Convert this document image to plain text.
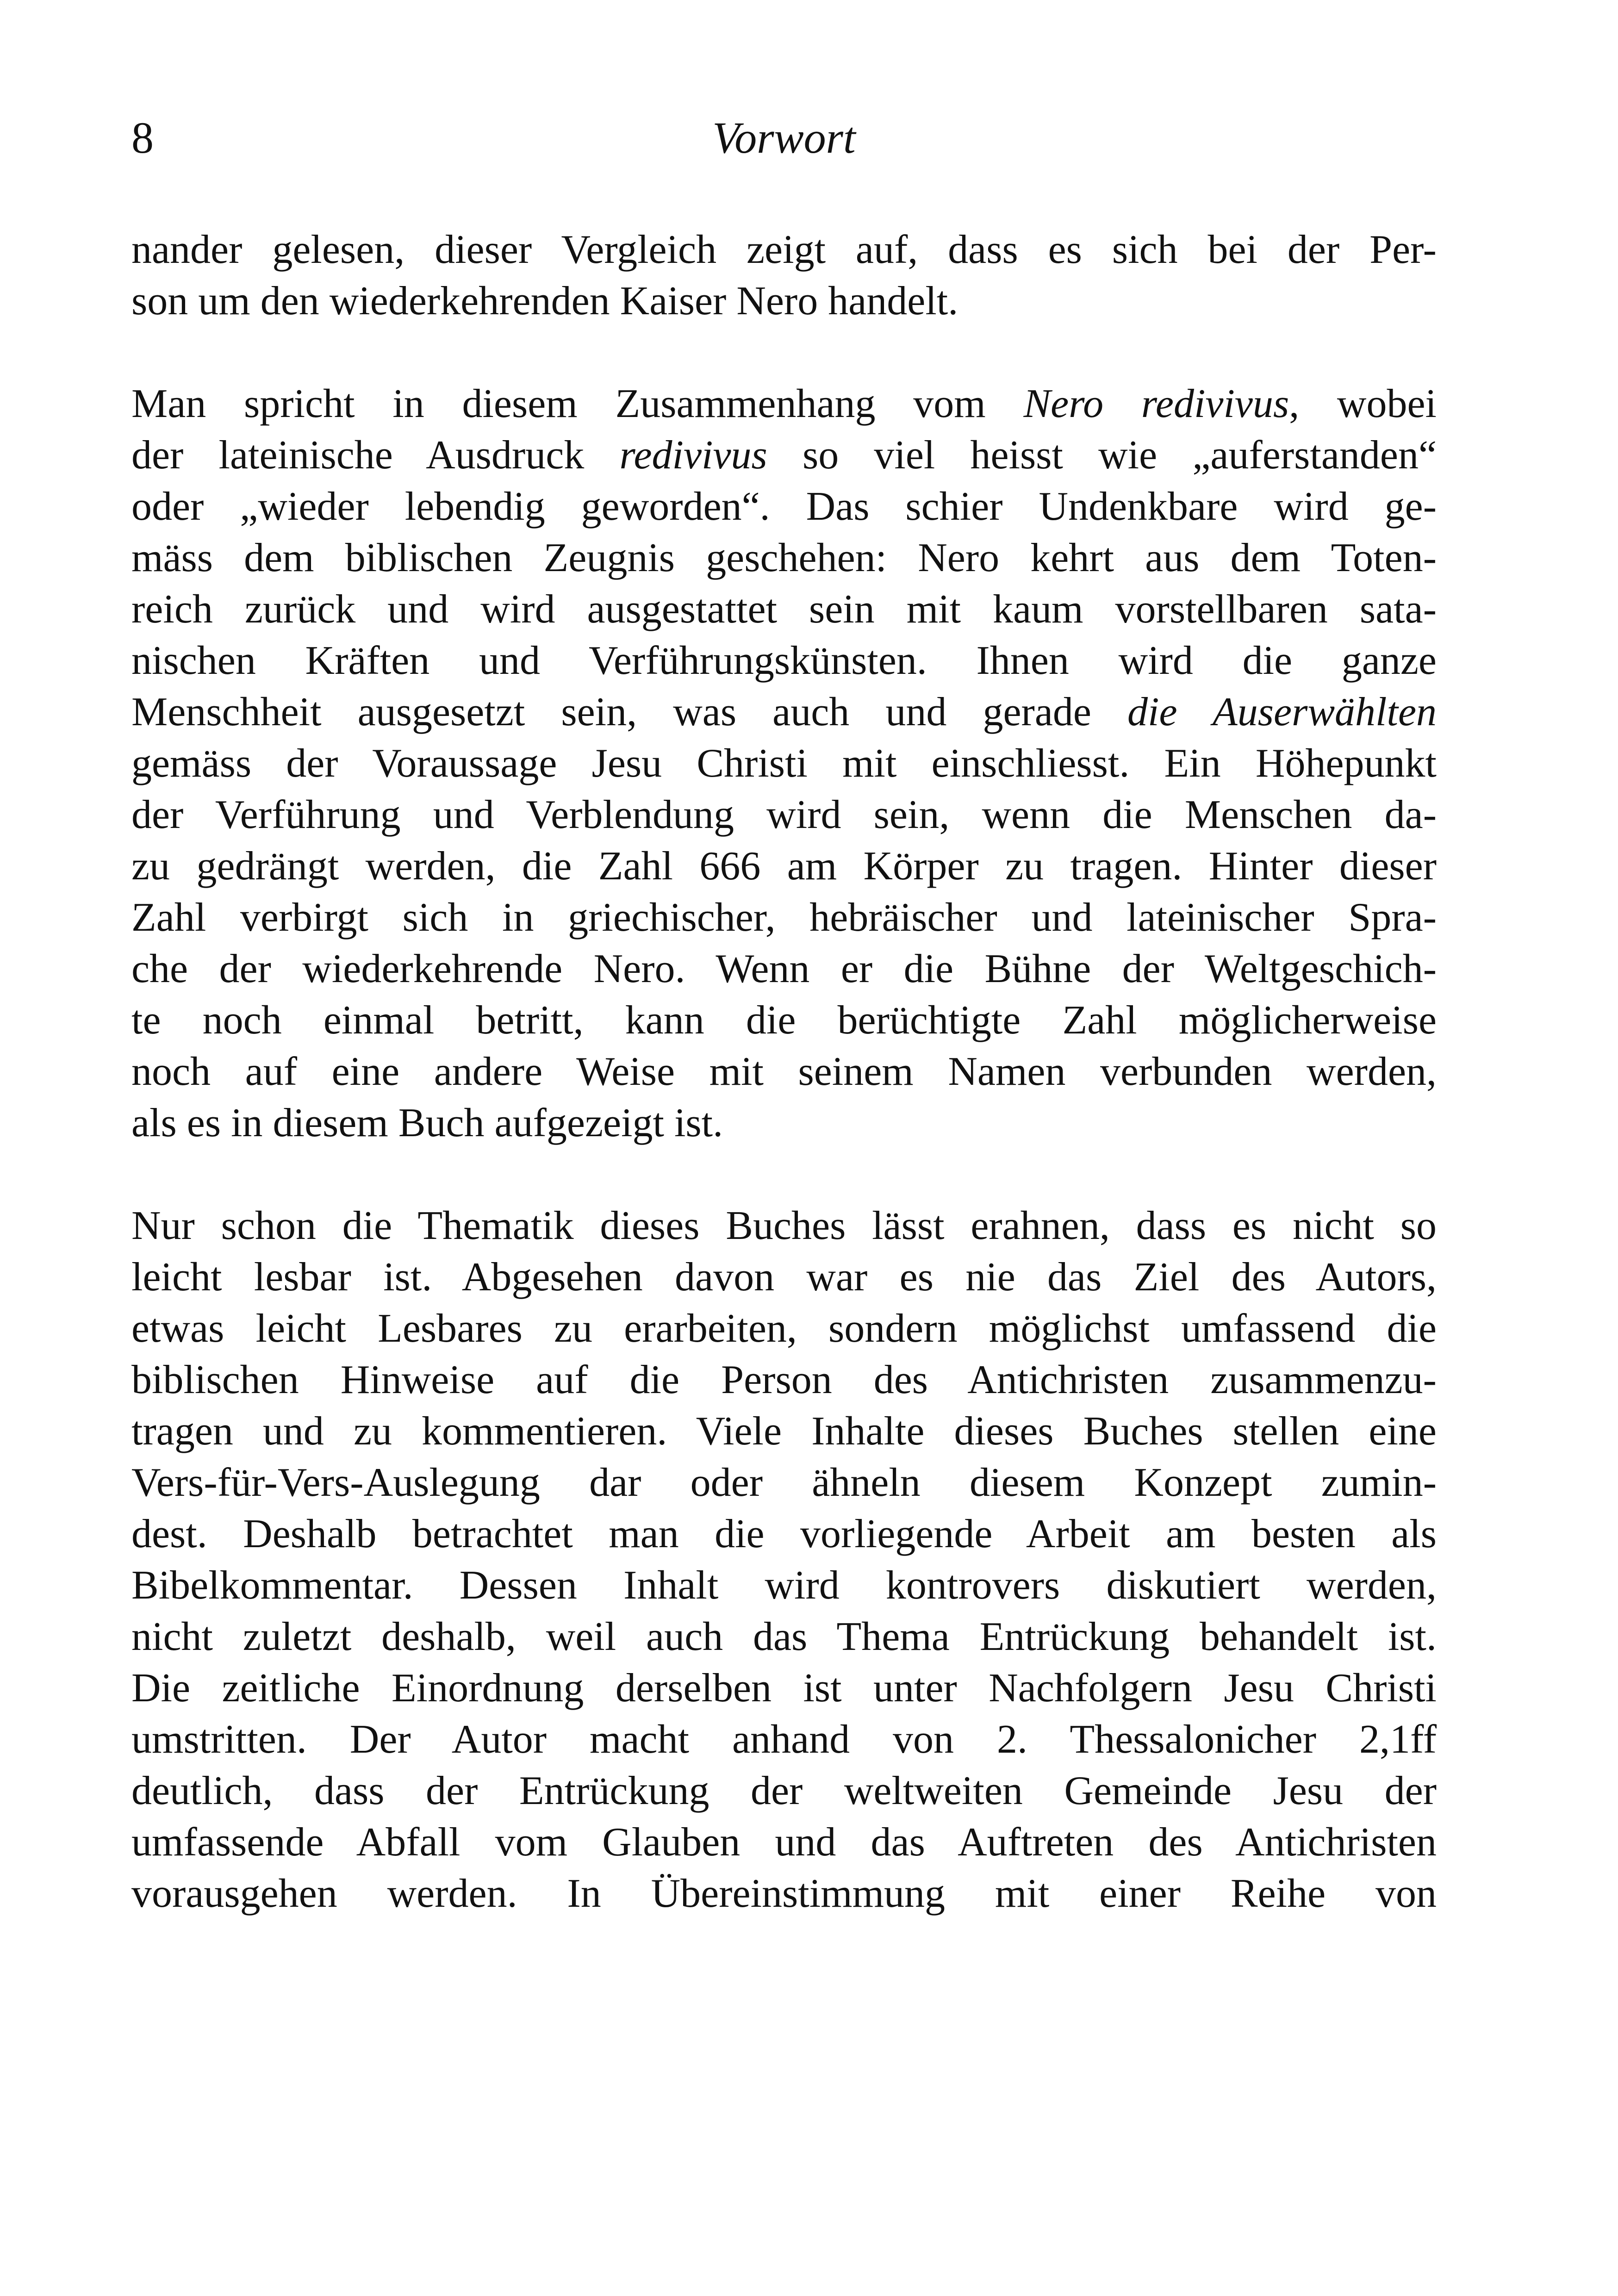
8	Vorwort

nander gelesen, dieser Vergleich zeigt auf, dass es sich bei der Per-
son um den wiederkehrenden Kaiser Nero handelt.

Man spricht in diesem Zusammenhang vom Nero redivivus, wobei
der lateinische Ausdruck redivivus so viel heisst wie „auferstanden“
oder „wieder lebendig geworden“. Das schier Undenkbare wird ge-
mäss dem biblischen Zeugnis geschehen: Nero kehrt aus dem Toten-
reich zurück und wird ausgestattet sein mit kaum vorstellbaren sata-
nischen Kräften und Verführungskünsten. Ihnen wird die ganze
Menschheit ausgesetzt sein, was auch und gerade die Auserwählten
gemäss der Voraussage Jesu Christi mit einschliesst. Ein Höhepunkt
der Verführung und Verblendung wird sein, wenn die Menschen da-
zu gedrängt werden, die Zahl 666 am Körper zu tragen. Hinter dieser
Zahl verbirgt sich in griechischer, hebräischer und lateinischer Spra-
che der wiederkehrende Nero. Wenn er die Bühne der Weltgeschich-
te noch einmal betritt, kann die berüchtigte Zahl möglicherweise
noch auf eine andere Weise mit seinem Namen verbunden werden,
als es in diesem Buch aufgezeigt ist.

Nur schon die Thematik dieses Buches lässt erahnen, dass es nicht so
leicht lesbar ist. Abgesehen davon war es nie das Ziel des Autors,
etwas leicht Lesbares zu erarbeiten, sondern möglichst umfassend die
biblischen Hinweise auf die Person des Antichristen zusammenzu-
tragen und zu kommentieren. Viele Inhalte dieses Buches stellen eine
Vers-für-Vers-Auslegung dar oder ähneln diesem Konzept zumin-
dest. Deshalb betrachtet man die vorliegende Arbeit am besten als
Bibelkommentar. Dessen Inhalt wird kontrovers diskutiert werden,
nicht zuletzt deshalb, weil auch das Thema Entrückung behandelt ist.
Die zeitliche Einordnung derselben ist unter Nachfolgern Jesu Christi
umstritten. Der Autor macht anhand von 2. Thessalonicher 2,1ff
deutlich, dass der Entrückung der weltweiten Gemeinde Jesu der
umfassende Abfall vom Glauben und das Auftreten des Antichristen
vorausgehen werden. In Übereinstimmung mit einer Reihe von
